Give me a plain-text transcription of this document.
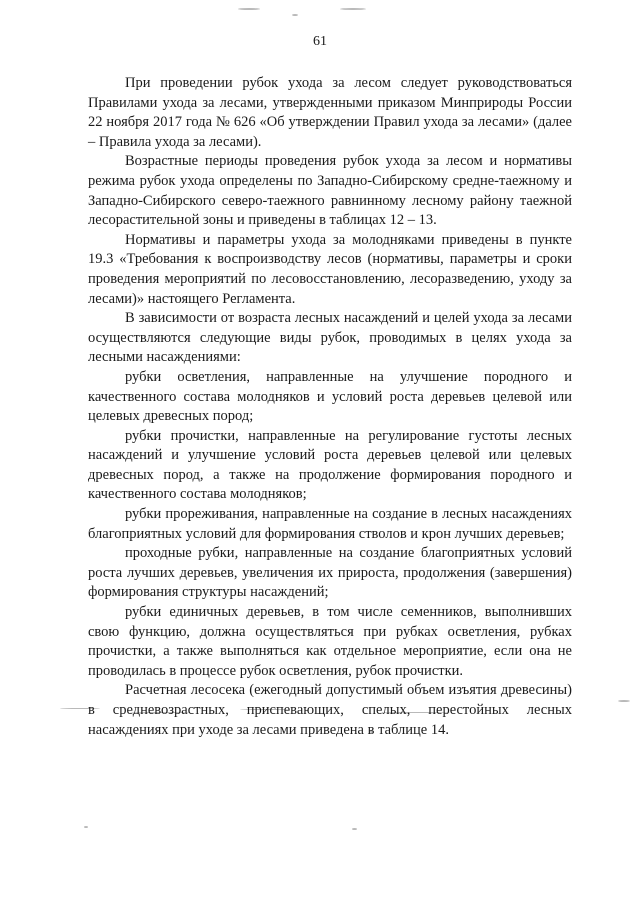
61

При проведении рубок ухода за лесом следует руководствоваться Правилами ухода за лесами, утвержденными приказом Минприроды России 22 ноября 2017 года № 626 «Об утверждении Правил ухода за лесами» (далее – Правила ухода за лесами).

Возрастные периоды проведения рубок ухода за лесом и нормативы режима рубок ухода определены по Западно-Сибирскому средне-таежному и Западно-Сибирского северо-таежного равнинному лесному району таежной лесорастительной зоны и приведены в таблицах 12 – 13.

Нормативы и параметры ухода за молодняками приведены в пункте 19.3 «Требования к воспроизводству лесов (нормативы, параметры и сроки проведения мероприятий по лесовосстановлению, лесоразведению, уходу за лесами)» настоящего Регламента.

В зависимости от возраста лесных насаждений и целей ухода за лесами осуществляются следующие виды рубок, проводимых в целях ухода за лесными насаждениями:

рубки осветления, направленные на улучшение породного и качественного состава молодняков и условий роста деревьев целевой или целевых древесных пород;

рубки прочистки, направленные на регулирование густоты лесных насаждений и улучшение условий роста деревьев целевой или целевых древесных пород, а также на продолжение формирования породного и качественного состава молодняков;

рубки прореживания, направленные на создание в лесных насаждениях благоприятных условий для формирования стволов и крон лучших деревьев;

проходные рубки, направленные на создание благоприятных условий роста лучших деревьев, увеличения их прироста, продолжения (завершения) формирования структуры насаждений;

рубки единичных деревьев, в том числе семенников, выполнивших свою функцию, должна осуществляться при рубках осветления, рубках прочистки, а также выполняться как отдельное мероприятие, если она не проводилась в процессе рубок осветления, рубок прочистки.

Расчетная лесосека (ежегодный допустимый объем изъятия древесины) в средневозрастных, приспевающих, спелых, перестойных лесных насаждениях при уходе за лесами приведена в таблице 14.
